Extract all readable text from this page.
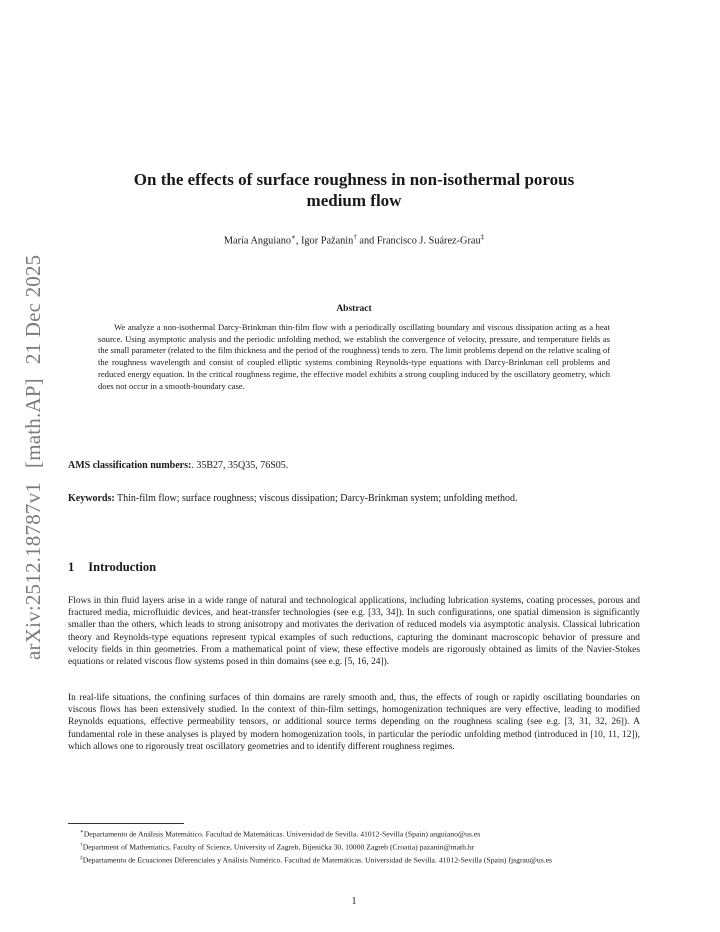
arXiv:2512.18787v1[math.AP]21 Dec 2025
On the effects of surface roughness in non-isothermal porous
medium flow
María Anguiano∗, Igor Pažanin† and Francisco J. Suárez-Grau‡
Abstract
We analyze a non-isothermal Darcy-Brinkman thin-film flow with a periodically oscillating boundary and viscous dissipation acting as a heat source. Using asymptotic analysis and the periodic unfolding method, we establish the convergence of velocity, pressure, and temperature fields as the small parameter (related to the film thickness and the period of the roughness) tends to zero. The limit problems depend on the relative scaling of the roughness wavelength and consist of coupled elliptic systems combining Reynolds-type equations with Darcy-Brinkman cell problems and reduced energy equation. In the critical roughness regime, the effective model exhibits a strong coupling induced by the oscillatory geometry, which does not occur in a smooth-boundary case.
AMS classification numbers:. 35B27, 35Q35, 76S05.
Keywords: Thin-film flow; surface roughness; viscous dissipation; Darcy-Brinkman system; unfolding method.
1 Introduction
Flows in thin fluid layers arise in a wide range of natural and technological applications, including lubrication systems, coating processes, porous and fractured media, microfluidic devices, and heat-transfer technologies (see e.g. [33, 34]). In such configurations, one spatial dimension is significantly smaller than the others, which leads to strong anisotropy and motivates the derivation of reduced models via asymptotic analysis. Classical lubrication theory and Reynolds-type equations represent typical examples of such reductions, capturing the dominant macroscopic behavior of pressure and velocity fields in thin geometries. From a mathematical point of view, these effective models are rigorously obtained as limits of the Navier-Stokes equations or related viscous flow systems posed in thin domains (see e.g. [5, 16, 24]).
In real-life situations, the confining surfaces of thin domains are rarely smooth and, thus, the effects of rough or rapidly oscillating boundaries on viscous flows has been extensively studied. In the context of thin-film settings, homogenization techniques are very effective, leading to modified Reynolds equations, effective permeability tensors, or additional source terms depending on the roughness scaling (see e.g. [3, 31, 32, 26]). A fundamental role in these analyses is played by modern homogenization tools, in particular the periodic unfolding method (introduced in [10, 11, 12]), which allows one to rigorously treat oscillatory geometries and to identify different roughness regimes.
∗Departamento de Análisis Matemático. Facultad de Matemáticas. Universidad de Sevilla. 41012-Sevilla (Spain) anguiano@us.es
†Department of Mathematics, Faculty of Science, University of Zagreb, Bijenička 30, 10000 Zagreb (Croatia) pazanin@math.hr
‡Departamento de Ecuaciones Diferenciales y Análisis Numérico. Facultad de Matemáticas. Universidad de Sevilla. 41012-Sevilla (Spain) fjsgrau@us.es
1
